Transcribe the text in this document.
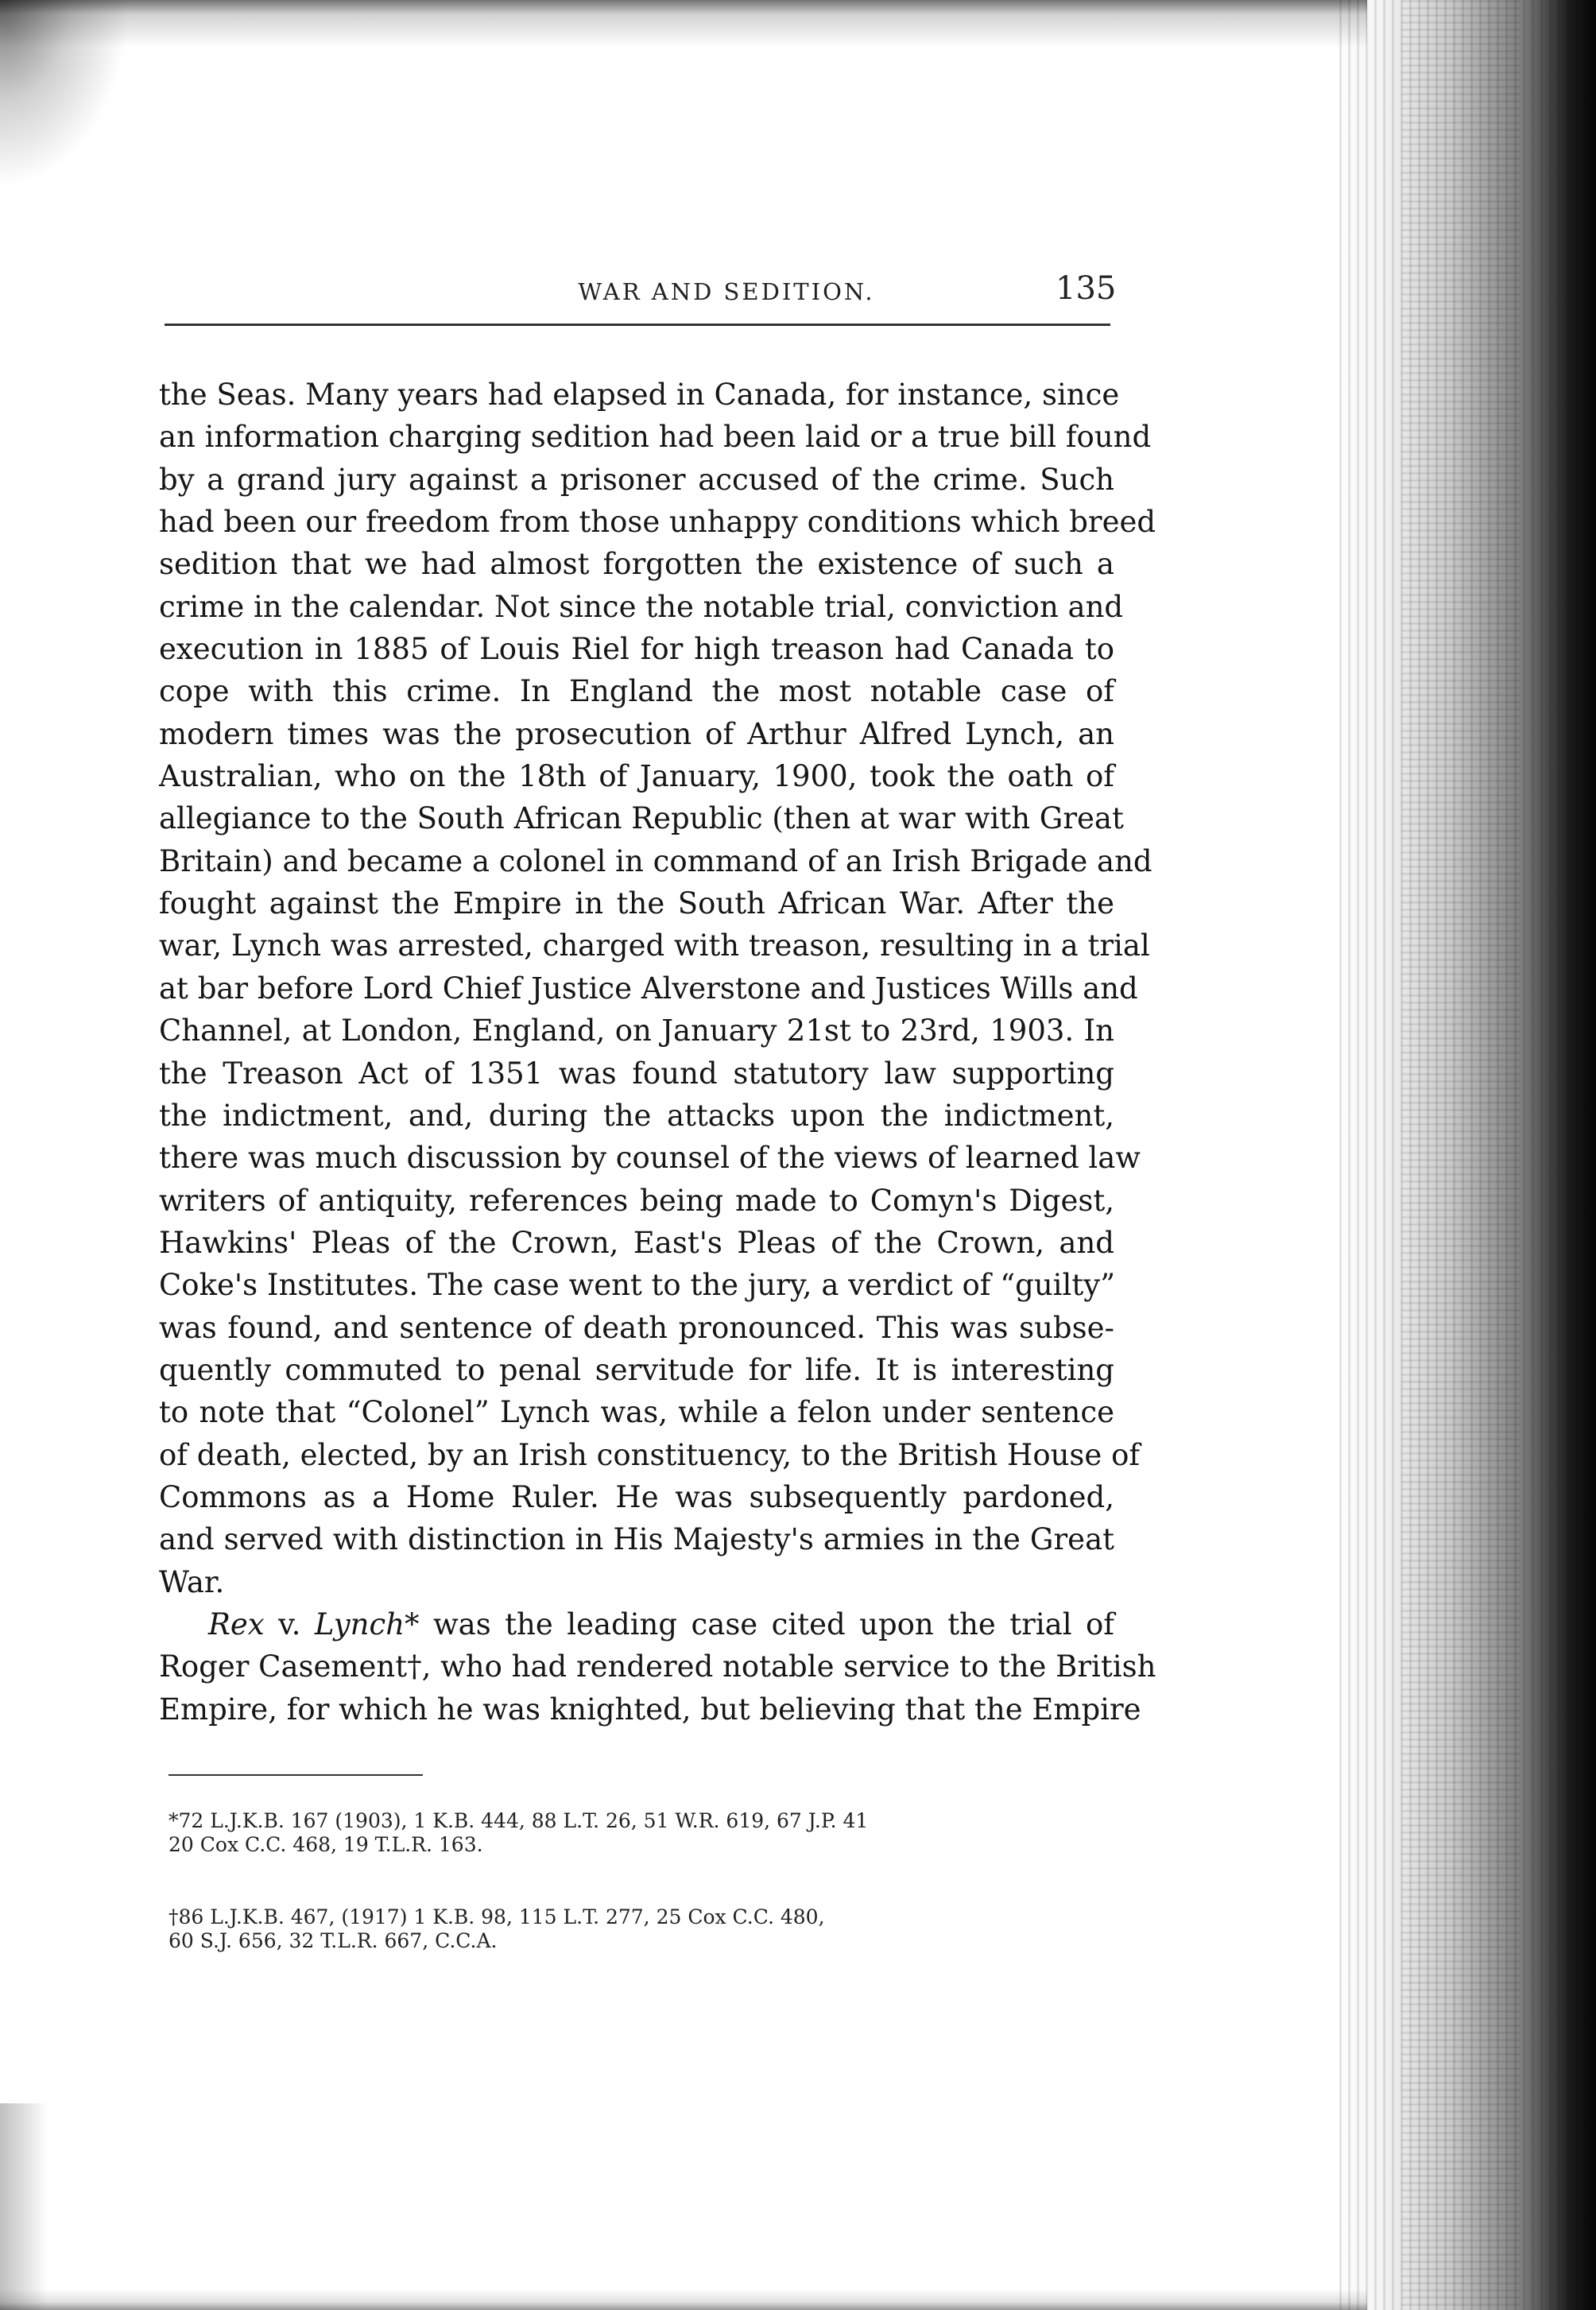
WAR AND SEDITION.	135
the Seas. Many years had elapsed in Canada, for instance, since
an information charging sedition had been laid or a true bill found
by a grand jury against a prisoner accused of the crime. Such
had been our freedom from those unhappy conditions which breed
sedition that we had almost forgotten the existence of such a
crime in the calendar. Not since the notable trial, conviction and
execution in 1885 of Louis Riel for high treason had Canada to
cope with this crime. In England the most notable case of
modern times was the prosecution of Arthur Alfred Lynch, an
Australian, who on the 18th of January, 1900, took the oath of
allegiance to the South African Republic (then at war with Great
Britain) and became a colonel in command of an Irish Brigade and
fought against the Empire in the South African War. After the
war, Lynch was arrested, charged with treason, resulting in a trial
at bar before Lord Chief Justice Alverstone and Justices Wills and
Channel, at London, England, on January 21st to 23rd, 1903. In
the Treason Act of 1351 was found statutory law supporting
the indictment, and, during the attacks upon the indictment,
there was much discussion by counsel of the views of learned law
writers of antiquity, references being made to Comyn's Digest,
Hawkins' Pleas of the Crown, East's Pleas of the Crown, and
Coke's Institutes. The case went to the jury, a verdict of “guilty”
was found, and sentence of death pronounced. This was subse-
quently commuted to penal servitude for life. It is interesting
to note that “Colonel” Lynch was, while a felon under sentence
of death, elected, by an Irish constituency, to the British House of
Commons as a Home Ruler. He was subsequently pardoned,
and served with distinction in His Majesty's armies in the Great
War.
Rex v. Lynch* was the leading case cited upon the trial of
Roger Casement†, who had rendered notable service to the British
Empire, for which he was knighted, but believing that the Empire
*72 L.J.K.B. 167 (1903), 1 K.B. 444, 88 L.T. 26, 51 W.R. 619, 67 J.P. 41
20 Cox C.C. 468, 19 T.L.R. 163.
†86 L.J.K.B. 467, (1917) 1 K.B. 98, 115 L.T. 277, 25 Cox C.C. 480,
60 S.J. 656, 32 T.L.R. 667, C.C.A.
